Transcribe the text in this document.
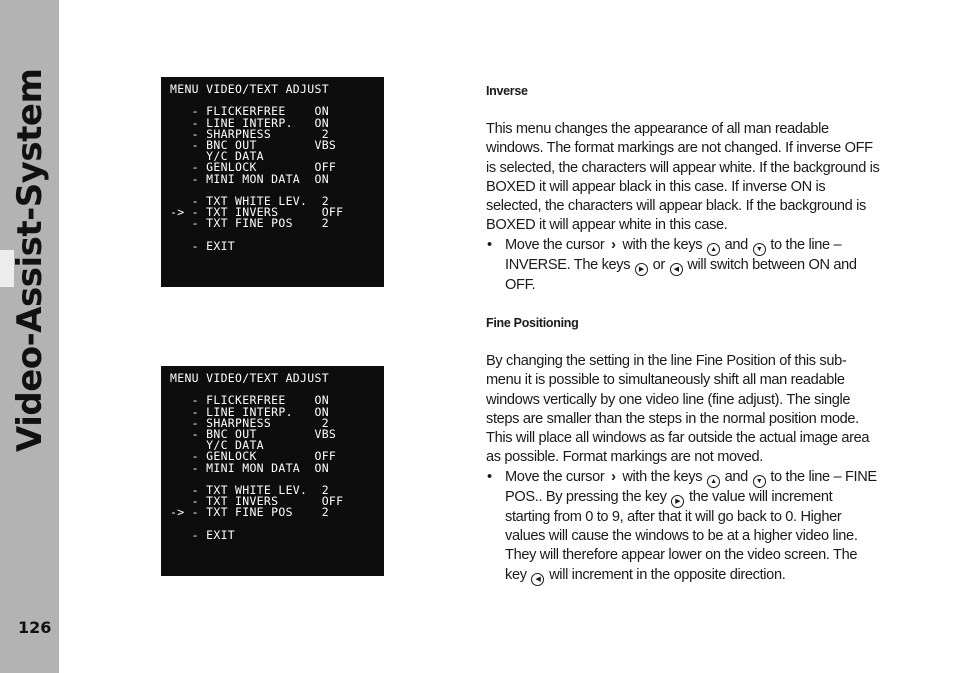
Video-Assist-System
126
MENU VIDEO/TEXT ADJUST

- FLICKERFREE    ON
- LINE INTERP.   ON
- SHARPNESS       2
- BNC OUT        VBS
Y/C DATA
- GENLOCK        OFF
- MINI MON DATA  ON

- TXT WHITE LEV.  2
-> - TXT INVERS      OFF
- TXT FINE POS    2

- EXIT
MENU VIDEO/TEXT ADJUST

- FLICKERFREE    ON
- LINE INTERP.   ON
- SHARPNESS       2
- BNC OUT        VBS
Y/C DATA
- GENLOCK        OFF
- MINI MON DATA  ON

- TXT WHITE LEV.  2
- TXT INVERS      OFF
-> - TXT FINE POS    2

- EXIT

Inverse

This menu changes the appearance of all man readable windows. The format markings are not changed. If inverse OFF is selected, the characters will appear white. If the background is BOXED it will appear black in this case. If inverse ON is selected, the characters will appear black. If the background is BOXED it will appear white in this case.

• Move the cursor › with the keys ▲ and ▼ to the line – INVERSE. The keys ▶ or ◀ will switch between ON and OFF.

Fine Positioning

By changing the setting in the line Fine Position of this sub-menu it is possible to simultaneously shift all man readable windows vertically by one video line (fine adjust). The single steps are smaller than the steps in the normal position mode. This will place all windows as far outside the actual image area as possible. Format markings are not moved.

• Move the cursor › with the keys ▲ and ▼ to the line – FINE POS.. By pressing the key ▶ the value will increment starting from 0 to 9, after that it will go back to 0. Higher values will cause the windows to be at a higher video line. They will therefore appear lower on the video screen. The key ◀ will increment in the opposite direction.
